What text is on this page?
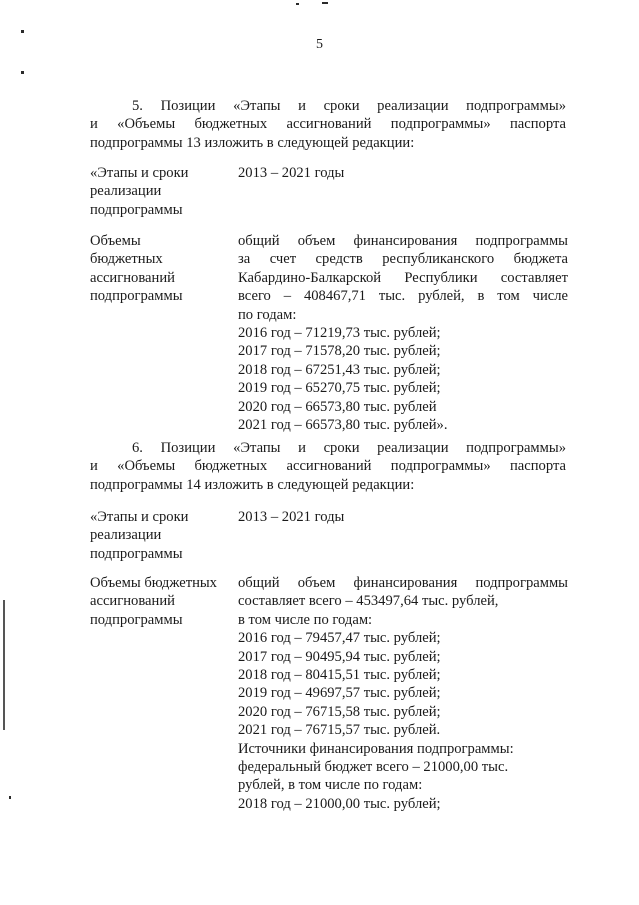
5
5. Позиции «Этапы и сроки реализации подпрограммы»
и «Объемы бюджетных ассигнований подпрограммы» паспорта
подпрограммы 13 изложить в следующей редакции:
«Этапы и сроки
реализации
подпрограммы
2013 – 2021 годы
Объемы
бюджетных
ассигнований
подпрограммы
общий объем финансирования подпрограммы
за счет средств республиканского бюджета
Кабардино-Балкарской Республики составляет
всего – 408467,71 тыс. рублей, в том числе
по годам:
2016 год – 71219,73 тыс. рублей;
2017 год – 71578,20 тыс. рублей;
2018 год – 67251,43 тыс. рублей;
2019 год – 65270,75 тыс. рублей;
2020 год – 66573,80 тыс. рублей
2021 год – 66573,80 тыс. рублей».
6. Позиции «Этапы и сроки реализации подпрограммы»
и «Объемы бюджетных ассигнований подпрограммы» паспорта
подпрограммы 14 изложить в следующей редакции:
«Этапы и сроки
реализации
подпрограммы
2013 – 2021 годы
Объемы бюджетных
ассигнований
подпрограммы
общий объем финансирования подпрограммы
составляет всего – 453497,64 тыс. рублей,
в том числе по годам:
2016 год – 79457,47 тыс. рублей;
2017 год – 90495,94 тыс. рублей;
2018 год – 80415,51 тыс. рублей;
2019 год – 49697,57 тыс. рублей;
2020 год – 76715,58 тыс. рублей;
2021 год – 76715,57 тыс. рублей.
Источники финансирования подпрограммы:
федеральный бюджет всего – 21000,00 тыс.
рублей, в том числе по годам:
2018 год – 21000,00 тыс. рублей;
